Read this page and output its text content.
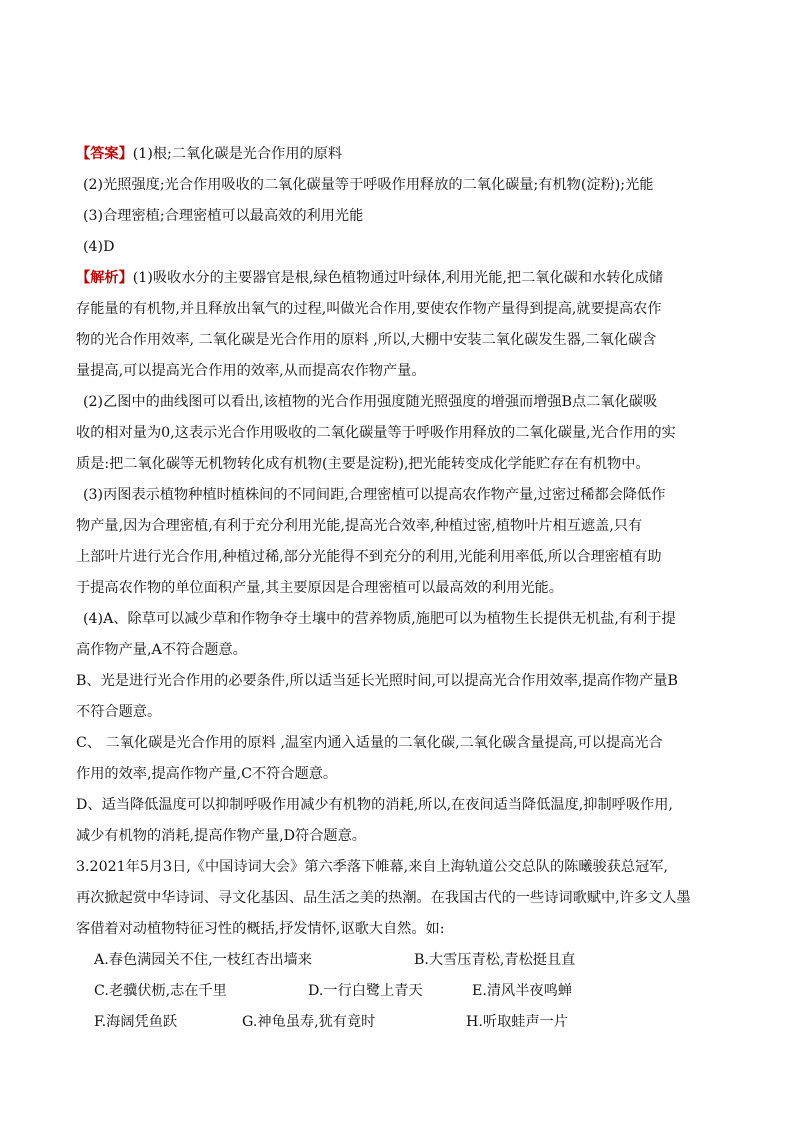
【答案】(1)根;二氧化碳是光合作用的原料
(2)光照强度;光合作用吸收的二氧化碳量等于呼吸作用释放的二氧化碳量;有机物(淀粉);光能
(3)合理密植;合理密植可以最高效的利用光能
(4)D
【解析】(1)吸收水分的主要器官是根,绿色植物通过叶绿体,利用光能,把二氧化碳和水转化成储
存能量的有机物,并且释放出氧气的过程,叫做光合作用,要使农作物产量得到提高,就要提高农作
物的光合作用效率, 二氧化碳是光合作用的原料 ,所以,大棚中安装二氧化碳发生器,二氧化碳含
量提高,可以提高光合作用的效率,从而提高农作物产量。
(2)乙图中的曲线图可以看出,该植物的光合作用强度随光照强度的增强而增强B点二氧化碳吸
收的相对量为0,这表示光合作用吸收的二氧化碳量等于呼吸作用释放的二氧化碳量,光合作用的实
质是:把二氧化碳等无机物转化成有机物(主要是淀粉),把光能转变成化学能贮存在有机物中。
(3)丙图表示植物种植时植株间的不同间距,合理密植可以提高农作物产量,过密过稀都会降低作
物产量,因为合理密植,有利于充分利用光能,提高光合效率,种植过密,植物叶片相互遮盖,只有
上部叶片进行光合作用,种植过稀,部分光能得不到充分的利用,光能利用率低,所以合理密植有助
于提高农作物的单位面积产量,其主要原因是合理密植可以最高效的利用光能。
(4)A、除草可以减少草和作物争夺土壤中的营养物质,施肥可以为植物生长提供无机盐,有利于提
高作物产量,A不符合题意。
B、光是进行光合作用的必要条件,所以适当延长光照时间,可以提高光合作用效率,提高作物产量B
不符合题意。
C、 二氧化碳是光合作用的原料 ,温室内通入适量的二氧化碳,二氧化碳含量提高,可以提高光合
作用的效率,提高作物产量,C不符合题意。
D、适当降低温度可以抑制呼吸作用减少有机物的消耗,所以,在夜间适当降低温度,抑制呼吸作用,
减少有机物的消耗,提高作物产量,D符合题意。
3.2021年5月3日,《中国诗词大会》第六季落下帷幕,来自上海轨道公交总队的陈曦骏获总冠军,
再次掀起赏中华诗词、寻文化基因、品生活之美的热潮。在我国古代的一些诗词歌赋中,许多文人墨
客借着对动植物特征习性的概括,抒发情怀,讴歌大自然。如:
A.春色满园关不住,一枝红杏出墙来	B.大雪压青松,青松挺且直
C.老骥伏枥,志在千里	D.一行白鹭上青天	E.清风半夜鸣蝉
F.海阔凭鱼跃	G.神龟虽寿,犹有竟时	H.听取蛙声一片
